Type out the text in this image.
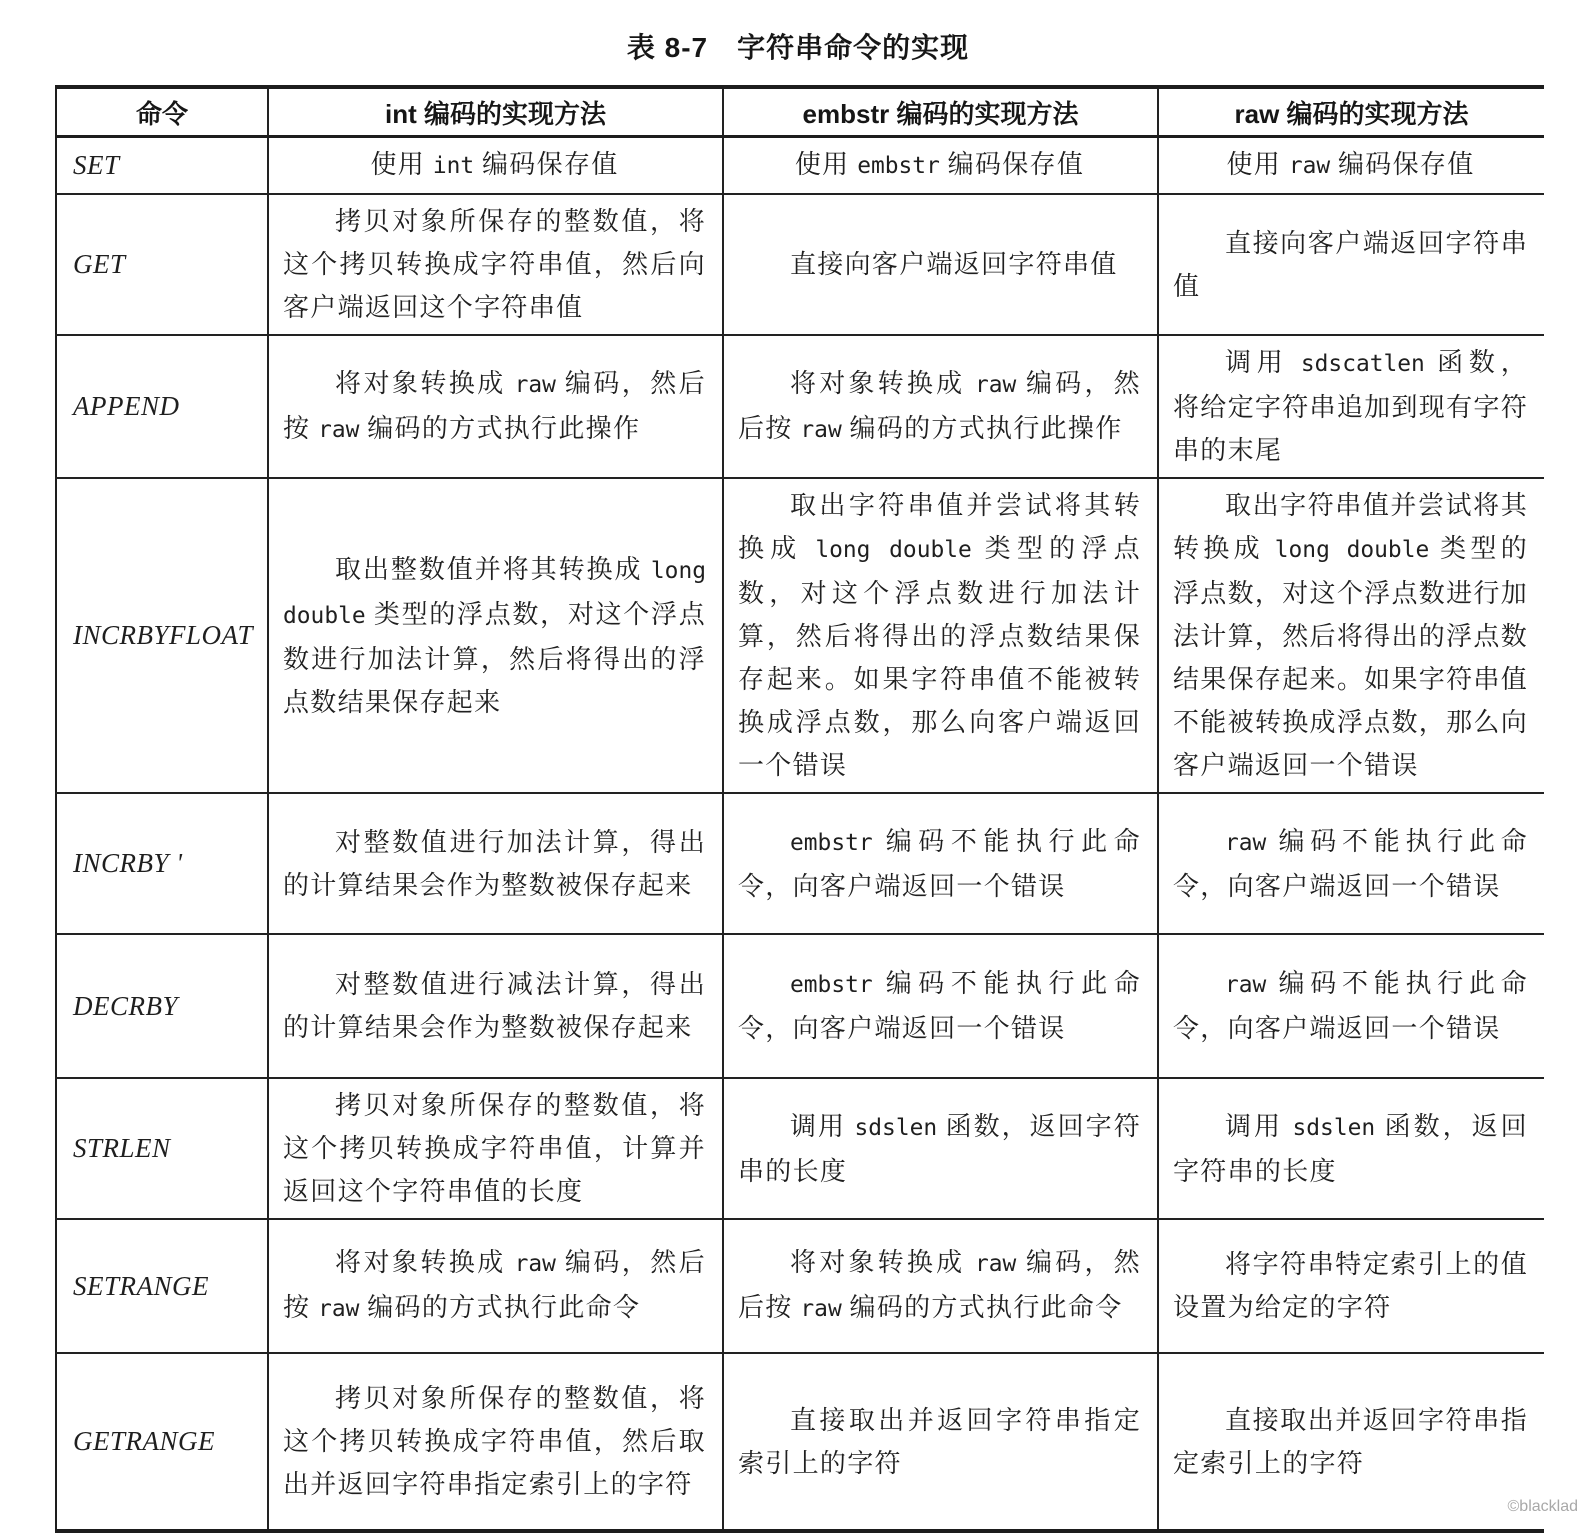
表 8-7　字符串命令的实现
命令	int 编码的实现方法	embstr 编码的实现方法	raw 编码的实现方法
SET	使用 int 编码保存值	使用 embstr 编码保存值	使用 raw 编码保存值
GET	拷贝对象所保存的整数值，将这个拷贝转换成字符串值，然后向客户端返回这个字符串值	直接向客户端返回字符串值	直接向客户端返回字符串值
APPEND	将对象转换成 raw 编码，然后按 raw 编码的方式执行此操作	将对象转换成 raw 编码，然后按 raw 编码的方式执行此操作	调用 sdscatlen 函数，将给定字符串追加到现有字符串的末尾
INCRBYFLOAT	取出整数值并将其转换成 long double 类型的浮点数，对这个浮点数进行加法计算，然后将得出的浮点数结果保存起来	取出字符串值并尝试将其转换成 long double 类型的浮点数，对这个浮点数进行加法计算，然后将得出的浮点数结果保存起来。如果字符串值不能被转换成浮点数，那么向客户端返回一个错误	取出字符串值并尝试将其转换成 long double 类型的浮点数，对这个浮点数进行加法计算，然后将得出的浮点数结果保存起来。如果字符串值不能被转换成浮点数，那么向客户端返回一个错误
INCRBY '	对整数值进行加法计算，得出的计算结果会作为整数被保存起来	embstr 编码不能执行此命令，向客户端返回一个错误	raw 编码不能执行此命令，向客户端返回一个错误
DECRBY	对整数值进行减法计算，得出的计算结果会作为整数被保存起来	embstr 编码不能执行此命令，向客户端返回一个错误	raw 编码不能执行此命令，向客户端返回一个错误
STRLEN	拷贝对象所保存的整数值，将这个拷贝转换成字符串值，计算并返回这个字符串值的长度	调用 sdslen 函数，返回字符串的长度	调用 sdslen 函数，返回字符串的长度
SETRANGE	将对象转换成 raw 编码，然后按 raw 编码的方式执行此命令	将对象转换成 raw 编码，然后按 raw 编码的方式执行此命令	将字符串特定索引上的值设置为给定的字符
GETRANGE	拷贝对象所保存的整数值，将这个拷贝转换成字符串值，然后取出并返回字符串指定索引上的字符	直接取出并返回字符串指定索引上的字符	直接取出并返回字符串指定索引上的字符
©blacklad
